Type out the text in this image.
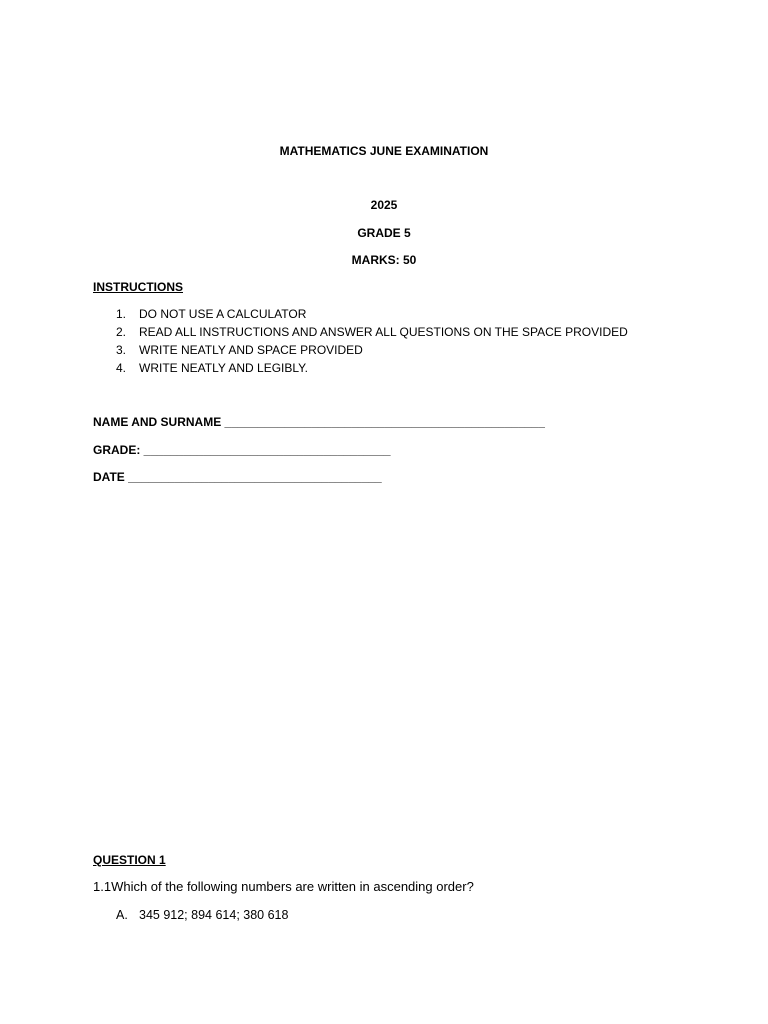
MATHEMATICS JUNE EXAMINATION
2025
GRADE 5
MARKS: 50
INSTRUCTIONS
1. DO NOT USE A CALCULATOR
2. READ ALL INSTRUCTIONS AND ANSWER ALL QUESTIONS ON THE SPACE PROVIDED
3. WRITE NEATLY AND SPACE PROVIDED
4. WRITE NEATLY AND LEGIBLY.
NAME AND SURNAME ________________________________________________
GRADE: _____________________________________
DATE ______________________________________
QUESTION 1
1.1Which of the following numbers are written in ascending order?
A. 345 912; 894 614; 380 618
